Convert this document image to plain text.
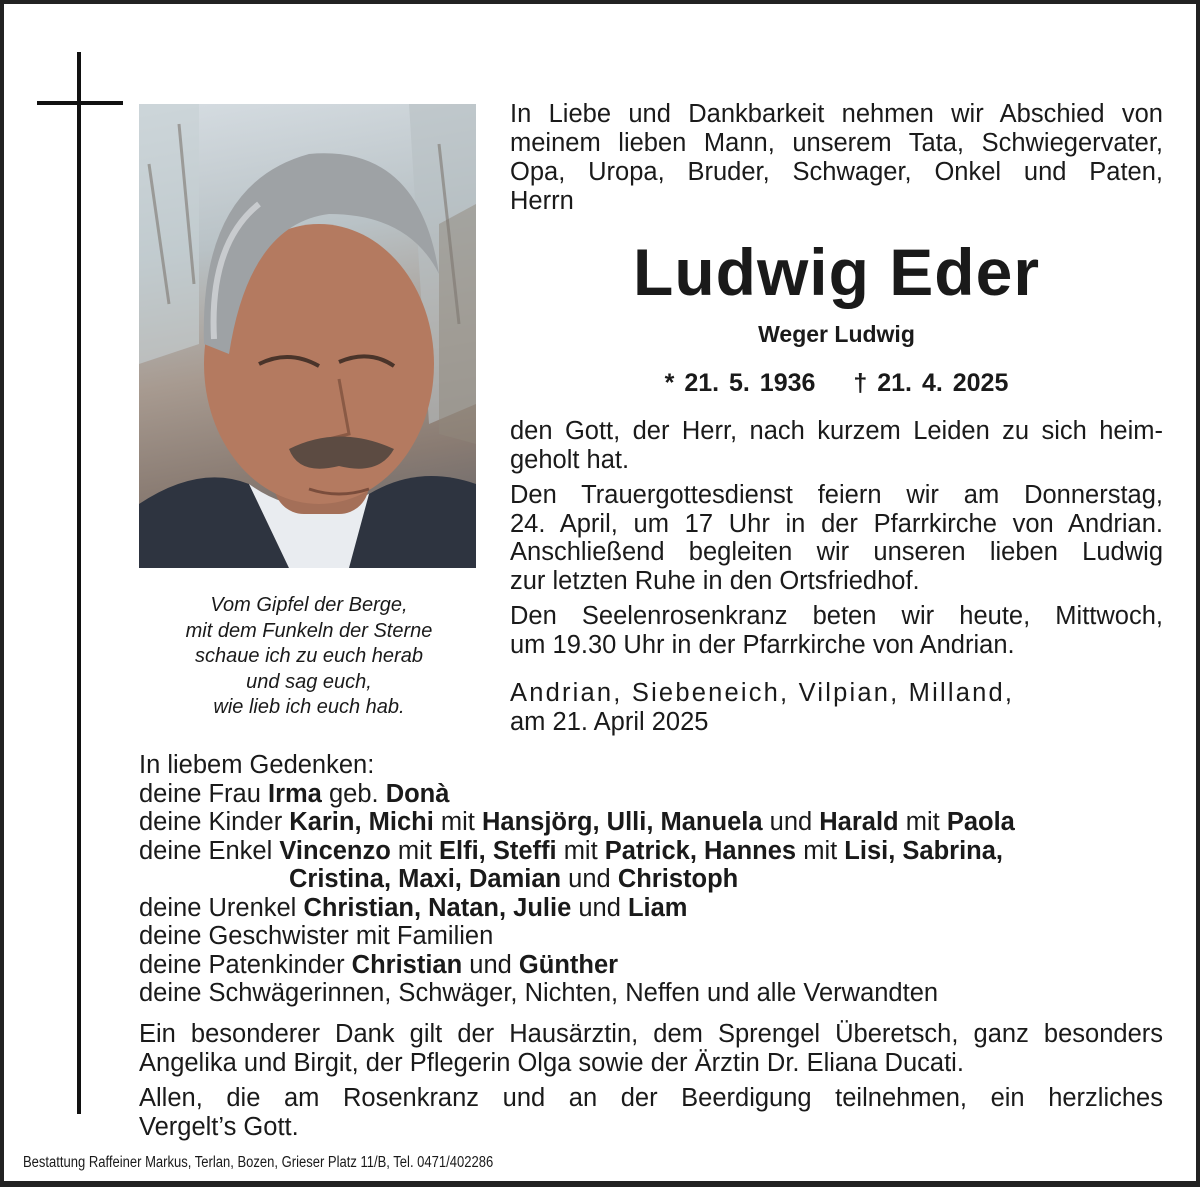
Vom Gipfel der Berge,
mit dem Funkeln der Sterne
schaue ich zu euch herab
und sag euch,
wie lieb ich euch hab.
In Liebe und Dankbarkeit nehmen wir Abschied von
meinem lieben Mann, unserem Tata, Schwiegervater,
Opa, Uropa, Bruder, Schwager, Onkel und Paten,
Herrn
Ludwig Eder
Weger Ludwig
* 21. 5. 1936 † 21. 4. 2025

den Gott, der Herr, nach kurzem Leiden zu sich heim-
geholt hat.

Den Trauergottesdienst feiern wir am Donnerstag,
24. April, um 17 Uhr in der Pfarrkirche von Andrian.
Anschließend begleiten wir unseren lieben Ludwig
zur letzten Ruhe in den Ortsfriedhof.

Den Seelenrosenkranz beten wir heute, Mittwoch,
um 19.30 Uhr in der Pfarrkirche von Andrian.

Andrian, Siebeneich, Vilpian, Milland,
am 21. April 2025
In liebem Gedenken:
deine Frau Irma geb. Donà
deine Kinder Karin, Michi mit Hansjörg, Ulli, Manuela und Harald mit Paola
deine Enkel Vincenzo mit Elfi, Steffi mit Patrick, Hannes mit Lisi, Sabrina,
Cristina, Maxi, Damian und Christoph
deine Urenkel Christian, Natan, Julie und Liam
deine Geschwister mit Familien
deine Patenkinder Christian und Günther
deine Schwägerinnen, Schwäger, Nichten, Neffen und alle Verwandten

Ein besonderer Dank gilt der Hausärztin, dem Sprengel Überetsch, ganz besonders
Angelika und Birgit, der Pflegerin Olga sowie der Ärztin Dr. Eliana Ducati.

Allen, die am Rosenkranz und an der Beerdigung teilnehmen, ein herzliches
Vergelt’s Gott.

Bestattung Raffeiner Markus, Terlan, Bozen, Grieser Platz 11/B, Tel. 0471/402286
